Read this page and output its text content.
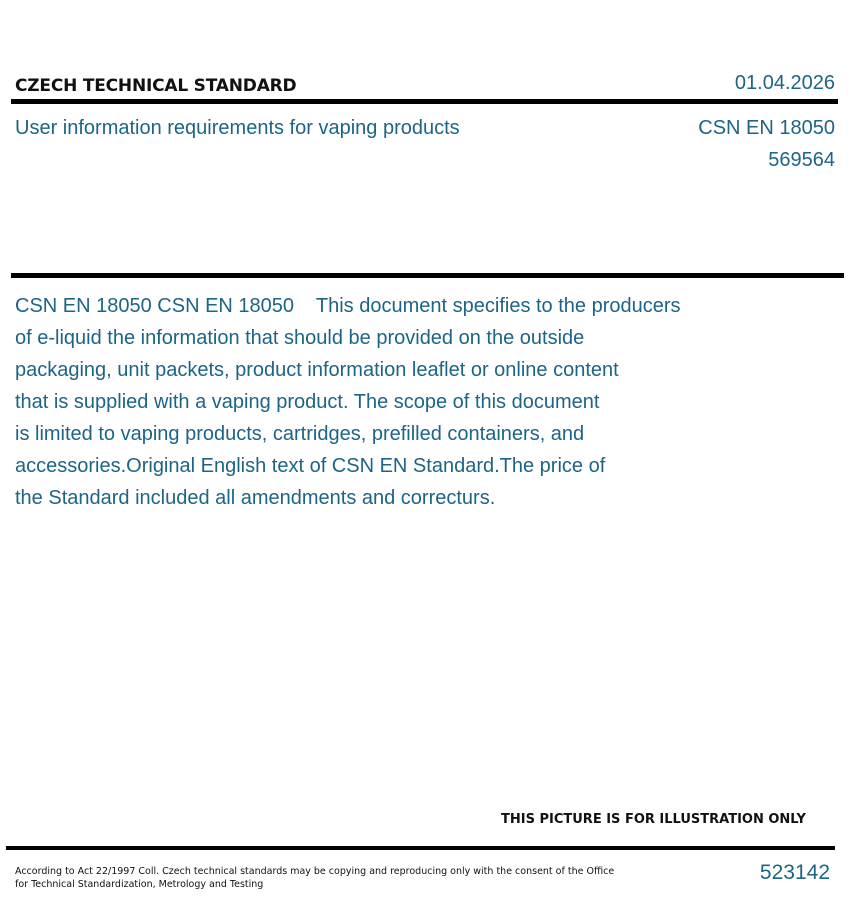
CZECH TECHNICAL STANDARD	01.04.2026
User information requirements for vaping products	CSN EN 18050
569564

CSN EN 18050 CSN EN 18050    This document specifies to the producers

of e-liquid the information that should be provided on the outside

packaging, unit packets, product information leaflet or online content

that is supplied with a vaping product. The scope of this document

is limited to vaping products, cartridges, prefilled containers, and

accessories.Original English text of CSN EN Standard.The price of

the Standard included all amendments and correcturs.

THIS PICTURE IS FOR ILLUSTRATION ONLY
According to Act 22/1997 Coll. Czech technical standards may be copying and reproducing only with the consent of the Office
for Technical Standardization, Metrology and Testing
523142
